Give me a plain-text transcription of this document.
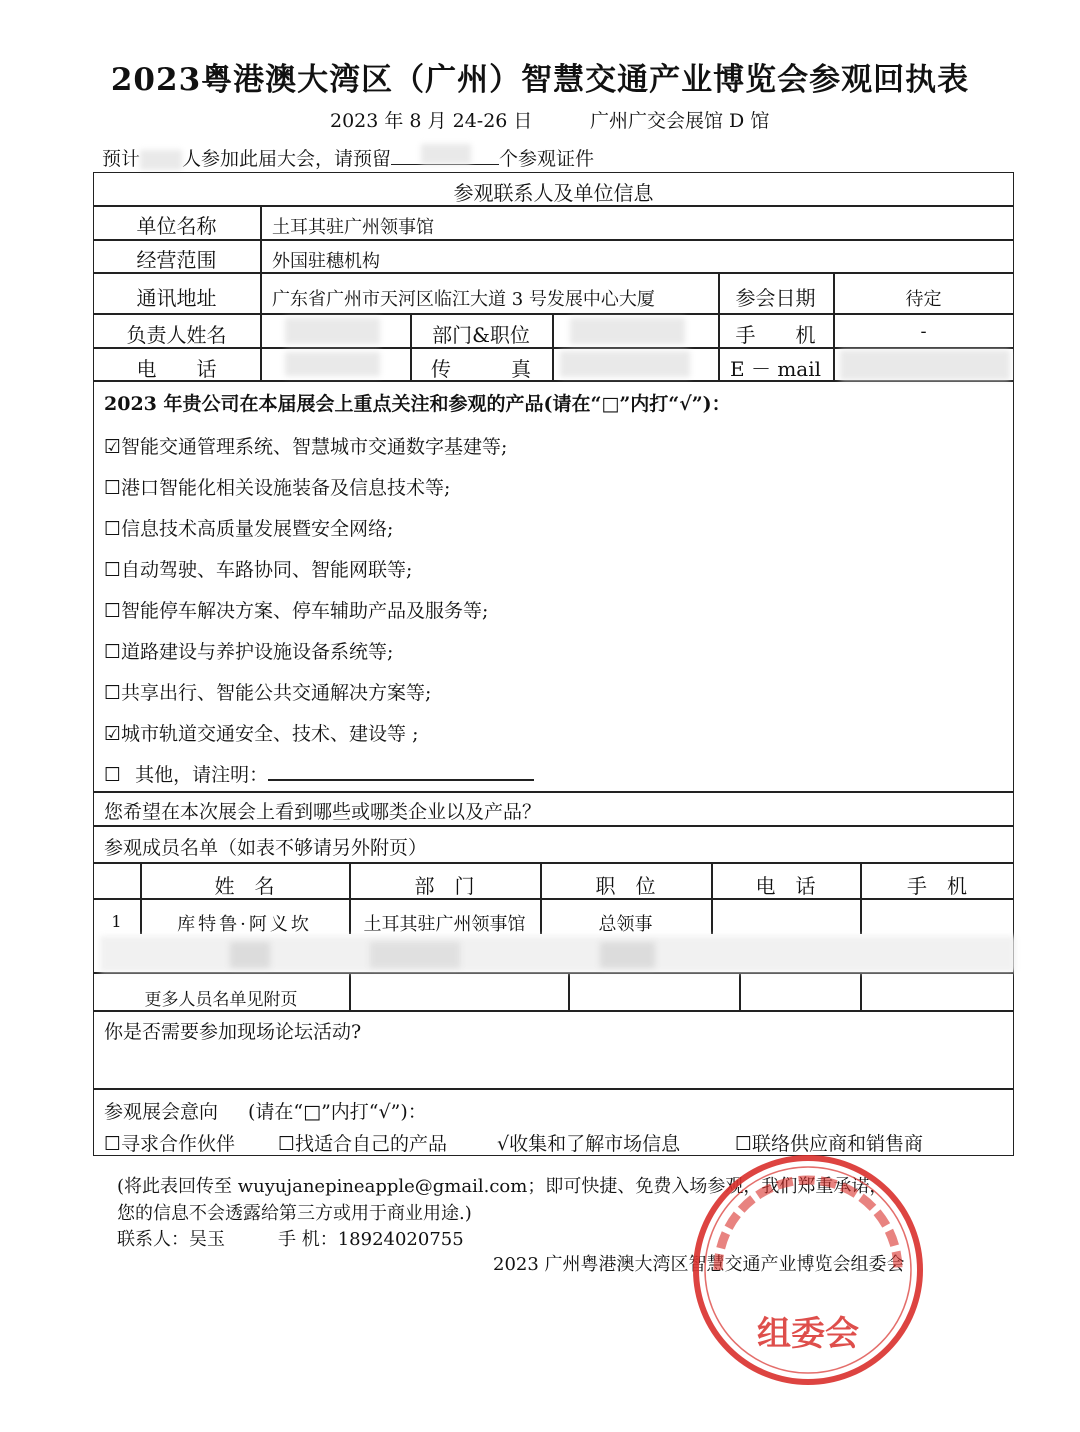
2023粤港澳大湾区（广州）智慧交通产业博览会参观回执表
2023 年 8 月 24-26 日	广州广交会展馆 D 馆
预计 人参加此届大会，请预留	个参观证件
参观联系人及单位信息
单位名称	土耳其驻广州领事馆
经营范围	外国驻穗机构
通讯地址	广东省广州市天河区临江大道 3 号发展中心大厦	参会日期	待定
负责人姓名	部门&职位	手　　机	-
电　　话	传　　　真	E － mail
2023 年贵公司在本届展会上重点关注和参观的产品(请在“□”内打“√”)：
☑智能交通管理系统、智慧城市交通数字基建等;
☐港口智能化相关设施装备及信息技术等;
☐信息技术高质量发展暨安全网络;
☐自动驾驶、车路协同、智能网联等;
☐智能停车解决方案、停车辅助产品及服务等;
☐道路建设与养护设施设备系统等;
☐共享出行、智能公共交通解决方案等;
☑城市轨道交通安全、技术、建设等 ;
☐ 其他，请注明：
您希望在本次展会上看到哪些或哪类企业以及产品？
参观成员名单（如表不够请另外附页）
姓　名	部　门	职　位	电　话	手　机
1	库特鲁·阿义坎	土耳其驻广州领事馆	总领事
更多人员名单见附页
你是否需要参加现场论坛活动?
参观展会意向 (请在“□”内打“√”)：
☐寻求合作伙伴 ☐找适合自己的产品	√收集和了解市场信息	☐联络供应商和销售商
(将此表回传至 wuyujanepineapple@gmail.com；即可快捷、免费入场参观，我们郑重承诺，
您的信息不会透露给第三方或用于商业用途.)
联系人：吴玉	手 机：18924020755
2023 广州粤港澳大湾区智慧交通产业博览会组委会
组委会
